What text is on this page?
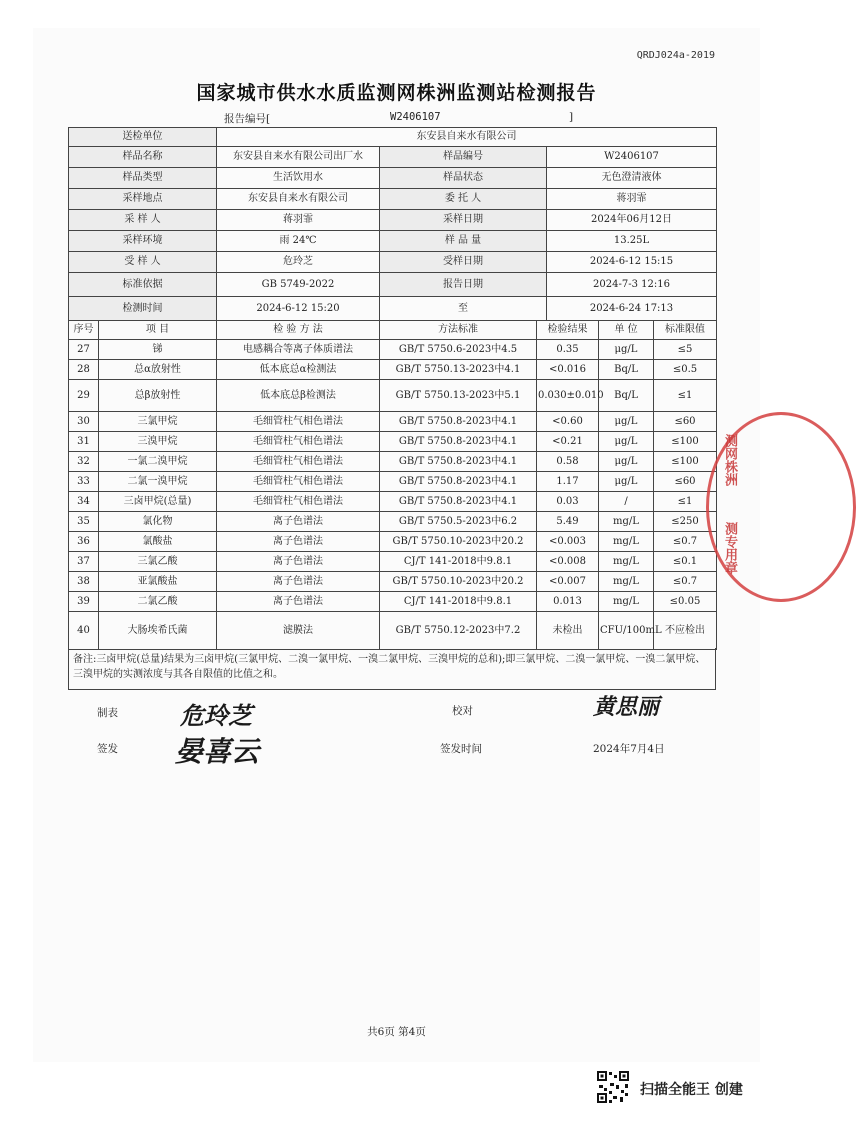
QRDJ024a-2019
国家城市供水水质监测网株洲监测站检测报告
报告编号[	W2406107	]
送检单位	东安县自来水有限公司		
样品名称	东安县自来水有限公司出厂水	样品编号	W2406107
样品类型	生活饮用水	样品状态	无色澄清液体
采样地点	东安县自来水有限公司	委 托 人	蒋羽霏
采 样 人	蒋羽霏	采样日期	2024年06月12日
采样环境	雨 24℃	样 品 量	13.25L
受 样 人	危玲芝	受样日期	2024-6-12 15:15
标准依据	GB 5749-2022	报告日期	2024-7-3 12:16
检测时间	2024-6-12 15:20	至	2024-6-24 17:13
序号	项 目	检 验 方 法	方法标准	检验结果	单 位	标准限值
27	锑	电感耦合等离子体质谱法	GB/T 5750.6-2023中4.5	0.35	μg/L	≤5
28	总α放射性	低本底总α检测法	GB/T 5750.13-2023中4.1	<0.016	Bq/L	≤0.5
29	总β放射性	低本底总β检测法	GB/T 5750.13-2023中5.1	0.030±0.010	Bq/L	≤1
30	三氯甲烷	毛细管柱气相色谱法	GB/T 5750.8-2023中4.1	<0.60	μg/L	≤60
31	三溴甲烷	毛细管柱气相色谱法	GB/T 5750.8-2023中4.1	<0.21	μg/L	≤100
32	一氯二溴甲烷	毛细管柱气相色谱法	GB/T 5750.8-2023中4.1	0.58	μg/L	≤100
33	二氯一溴甲烷	毛细管柱气相色谱法	GB/T 5750.8-2023中4.1	1.17	μg/L	≤60
34	三卤甲烷(总量)	毛细管柱气相色谱法	GB/T 5750.8-2023中4.1	0.03	/	≤1
35	氯化物	离子色谱法	GB/T 5750.5-2023中6.2	5.49	mg/L	≤250
36	氯酸盐	离子色谱法	GB/T 5750.10-2023中20.2	<0.003	mg/L	≤0.7
37	三氯乙酸	离子色谱法	CJ/T 141-2018中9.8.1	<0.008	mg/L	≤0.1
38	亚氯酸盐	离子色谱法	GB/T 5750.10-2023中20.2	<0.007	mg/L	≤0.7
39	二氯乙酸	离子色谱法	CJ/T 141-2018中9.8.1	0.013	mg/L	≤0.05
40	大肠埃希氏菌	滤膜法	GB/T 5750.12-2023中7.2	未检出	CFU/100mL	不应检出
备注:三卤甲烷(总量)结果为三卤甲烷(三氯甲烷、二溴一氯甲烷、一溴二氯甲烷、三溴甲烷的总和);即三氯甲烷、二溴一氯甲烷、一溴二氯甲烷、三溴甲烷的实测浓度与其各自限值的比值之和。
制表	危玲芝	校对	黄思丽
签发 晏喜云	签发时间	2024年7月4日
测网株洲
测专用章
共6页 第4页
扫描全能王 创建
